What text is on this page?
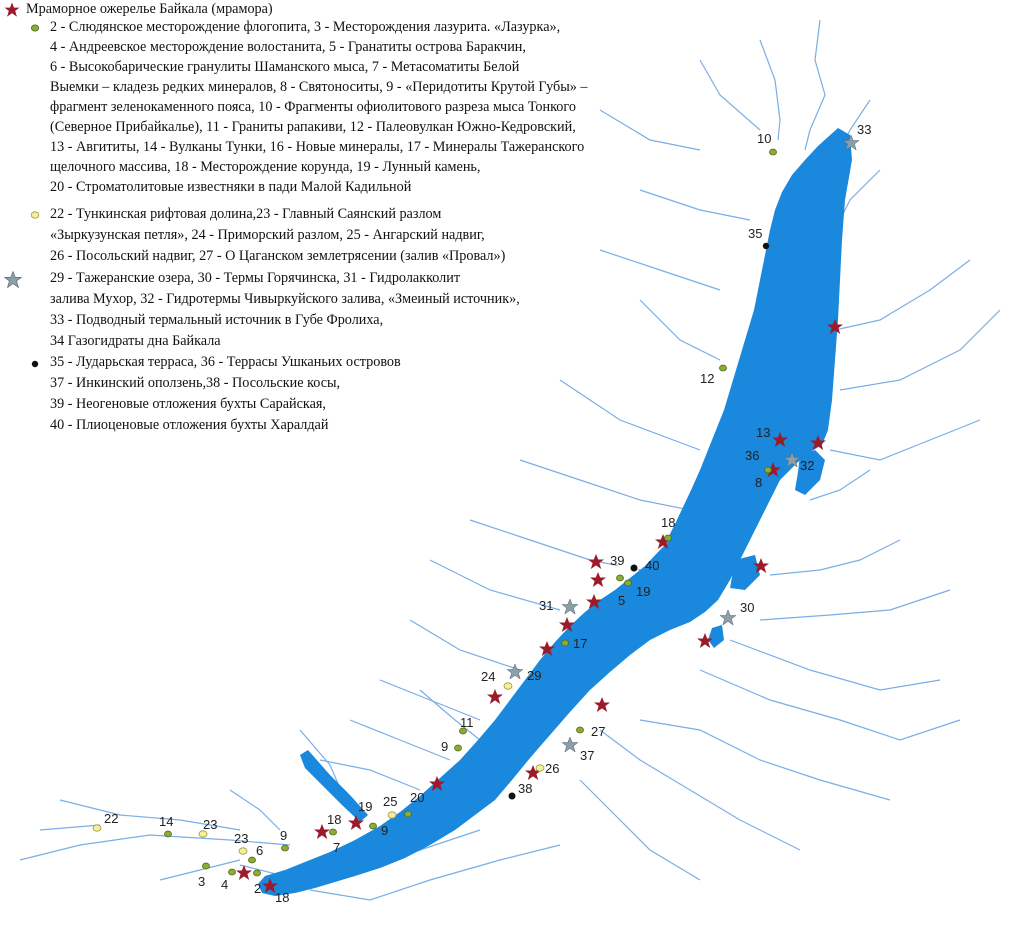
10
33
35
12
13
36
32
8
18
39 40
5
19
31	30
17
24 29
11
27
9
37
26
38
20
25
19
9
18
7
22	14 23
23 9
6
3 4 2
18
Мраморное ожерелье Байкала (мрамора)
2 - Слюдянское месторождение флогопита, 3 - Месторождения лазурита. «Лазурка»,
4 - Андреевское месторождение волостанита, 5 - Гранатиты острова Баракчин,
6 - Высокобарические гранулиты Шаманского мыса, 7 - Метасоматиты Белой
Выемки – кладезь редких минералов, 8 - Святоноситы, 9 - «Перидотиты Крутой Губы» –
фрагмент зеленокаменного пояса, 10 - Фрагменты офиолитового разреза мыса Тонкого
(Северное Прибайкалье), 11 - Граниты рапакиви, 12 - Палеовулкан Южно-Кедровский,
13 - Авгититы, 14 - Вулканы Тунки, 16 - Новые минералы, 17 - Минералы Тажеранского
щелочного массива, 18 - Месторождение корунда, 19 - Лунный камень,
20 - Строматолитовые известняки в пади Малой Кадильной
22 - Тункинская рифтовая долина,23 - Главный Саянский разлом
«Зыркузунская петля», 24 - Приморский разлом, 25 - Ангарский надвиг,
26 - Посольский надвиг, 27 - О Цаганском землетрясении (залив «Провал»)
29 - Тажеранские озера, 30 - Термы Горячинска, 31 - Гидролакколит
залива Мухор, 32 - Гидротермы Чивыркуйского залива, «Змеиный источник»,
33 - Подводный термальный источник в Губе Фролиха,
34 Газогидраты дна Байкала
35 - Лударьская терраса, 36 - Террасы Ушканьих островов
37 - Инкинский оползень,38 - Посольские косы,
39 - Неогеновые отложения бухты Сарайская,
40 - Плиоценовые отложения бухты Харалдай
